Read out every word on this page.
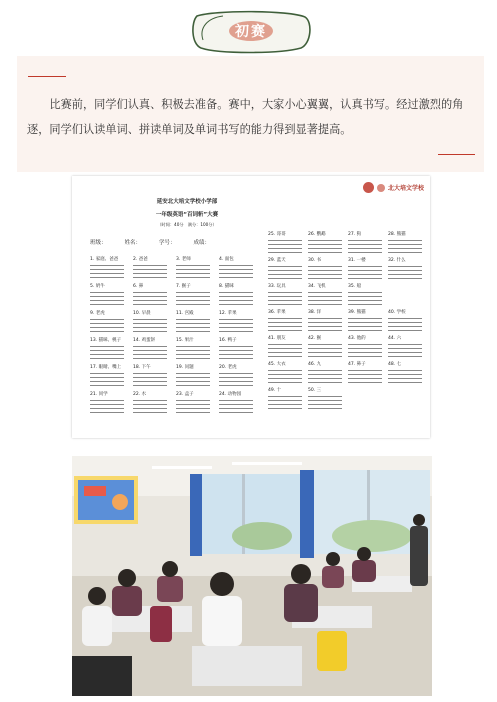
初赛
比赛前，同学们认真、积极去准备。赛中，大家小心翼翼，认真书写。经过激烈的角逐，同学们认读单词、拼读单词及单词书写的能力得到显著提高。
北大培文学校
延安北大培文学校小学部
一年级英语“百词斩”大赛
（时间：40分　满分：100分）
班级：	姓名：	学号：	成绩：
1. 家庭、爸爸	2. 爸爸	3. 老师	4. 面包
5. 奶牛	6. 鼻	7. 猴子	8. 猫咪
9. 老虎	10. 早晨	11. 宫殿	12. 苹果
13. 猫咪、桃子	14. 鸡蛋饼	15. 果汁	16. 鸭子
17. 眼睛、嘴上	18. 下午	19. 问题	20. 老虎
21. 同学	22. 水	23. 盒子	24. 动物园
25. 哥哥	26. 鹦鹉	27. 狗	28. 熊猫
29. 蓝天	30. 书	31. 一楼	32. 什么
33. 玩具	34. 飞机	35. 船
36. 苹果	38. 洋	39. 熊猫	40. 学校
41. 朋友	42. 猴	43. 他的	44. 六
45. 大衣	46. 九	47. 鼻子	48. 七
49. 十	50. 三
